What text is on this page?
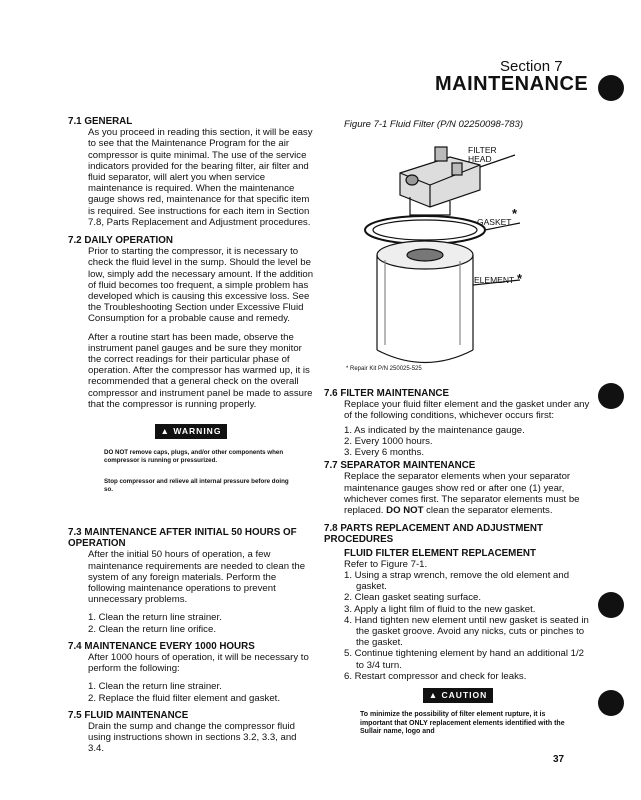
Section 7
MAINTENANCE
7.1 GENERAL
As you proceed in reading this section, it will be easy to see that the Maintenance Program for the air compressor is quite minimal. The use of the service indicators provided for the bearing filter, air filter and fluid separator, will alert you when service maintenance is required. When the maintenance gauge shows red, maintenance for that specific item is required. See instructions for each item in Section 7.8, Parts Replacement and Adjustment procedures.
7.2 DAILY OPERATION
Prior to starting the compressor, it is necessary to check the fluid level in the sump. Should the level be low, simply add the necessary amount. If the addition of fluid becomes too frequent, a simple problem has developed which is causing this excessive loss. See the Troubleshooting Section under Excessive Fluid Consumption for a probable cause and remedy.
After a routine start has been made, observe the instrument panel gauges and be sure they monitor the correct readings for their particular phase of operation. After the compressor has warmed up, it is recommended that a general check on the overall compressor and instrument panel be made to assure that the compressor is running properly.
▲ WARNING
DO NOT remove caps, plugs, and/or other components when compressor is running or pressurized.
Stop compressor and relieve all internal pressure before doing so.
7.3 MAINTENANCE AFTER INITIAL 50 HOURS OF OPERATION
After the initial 50 hours of operation, a few maintenance requirements are needed to clean the system of any foreign materials. Perform the following maintenance operations to prevent unnecessary problems.
1. Clean the return line strainer.
2. Clean the return line orifice.
7.4 MAINTENANCE EVERY 1000 HOURS
After 1000 hours of operation, it will be necessary to perform the following:
1. Clean the return line strainer.
2. Replace the fluid filter element and gasket.
7.5 FLUID MAINTENANCE
Drain the sump and change the compressor fluid using instructions shown in sections 3.2, 3.3, and 3.4.
Figure 7-1 Fluid Filter (P/N 02250098-783)
FILTER HEAD
GASKET
*
ELEMENT *
* Repair Kit P/N 250025-525
7.6 FILTER MAINTENANCE
Replace your fluid filter element and the gasket under any of the following conditions, whichever occurs first:
1. As indicated by the maintenance gauge.
2. Every 1000 hours.
3. Every 6 months.
7.7 SEPARATOR MAINTENANCE
Replace the separator elements when your separator maintenance gauges show red or after one (1) year, whichever comes first. The separator elements must be replaced. DO NOT clean the separator elements.
7.8 PARTS REPLACEMENT AND ADJUSTMENT PROCEDURES
FLUID FILTER ELEMENT REPLACEMENT
Refer to Figure 7-1.
1. Using a strap wrench, remove the old element and gasket.
2. Clean gasket seating surface.
3. Apply a light film of fluid to the new gasket.
4. Hand tighten new element until new gasket is seated in the gasket groove. Avoid any nicks, cuts or pinches to the gasket.
5. Continue tightening element by hand an additional 1/2 to 3/4 turn.
6. Restart compressor and check for leaks.
▲ CAUTION
To minimize the possibility of filter element rupture, it is important that ONLY replacement elements identified with the Sullair name, logo and
37
